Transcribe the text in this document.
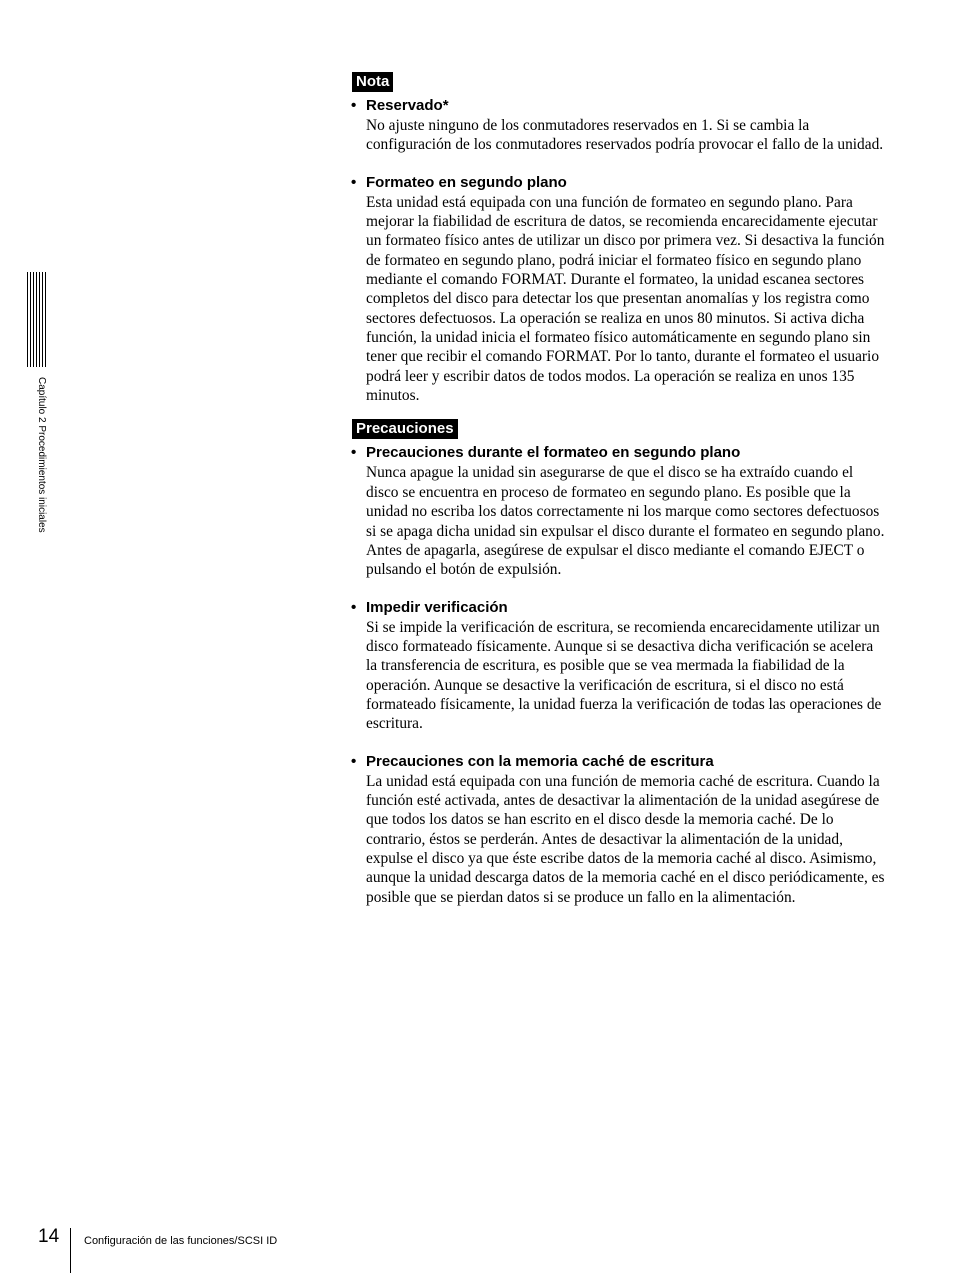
Capítulo 2 Procedimientos iniciales
Nota
• Reservado*

No ajuste ninguno de los conmutadores reservados en 1. Si se cambia la configuración de los conmutadores reservados podría provocar el fallo de la unidad.

• Formateo en segundo plano

Esta unidad está equipada con una función de formateo en segundo plano. Para mejorar la fiabilidad de escritura de datos, se recomienda encarecidamente ejecutar un formateo físico antes de utilizar un disco por primera vez. Si desactiva la función de formateo en segundo plano, podrá iniciar el formateo físico en segundo plano mediante el comando FORMAT. Durante el formateo, la unidad escanea sectores completos del disco para detectar los que presentan anomalías y los registra como sectores defectuosos. La operación se realiza en unos 80 minutos. Si activa dicha función, la unidad inicia el formateo físico automáticamente en segundo plano sin tener que recibir el comando FORMAT. Por lo tanto, durante el formateo el usuario podrá leer y escribir datos de todos modos. La operación se realiza en unos 135 minutos.

Precauciones
• Precauciones durante el formateo en segundo plano

Nunca apague la unidad sin asegurarse de que el disco se ha extraído cuando el disco se encuentra en proceso de formateo en segundo plano. Es posible que la unidad no escriba los datos correctamente ni los marque como sectores defectuosos si se apaga dicha unidad sin expulsar el disco durante el formateo en segundo plano. Antes de apagarla, asegúrese de expulsar el disco mediante el comando EJECT o pulsando el botón de expulsión.

• Impedir verificación

Si se impide la verificación de escritura, se recomienda encarecidamente utilizar un disco formateado físicamente. Aunque si se desactiva dicha verificación se acelera la transferencia de escritura, es posible que se vea mermada la fiabilidad de la operación. Aunque se desactive la verificación de escritura, si el disco no está formateado físicamente, la unidad fuerza la verificación de todas las operaciones de escritura.

• Precauciones con la memoria caché de escritura

La unidad está equipada con una función de memoria caché de escritura. Cuando la función esté activada, antes de desactivar la alimentación de la unidad asegúrese de que todos los datos se han escrito en el disco desde la memoria caché. De lo contrario, éstos se perderán. Antes de desactivar la alimentación de la unidad, expulse el disco ya que éste escribe datos de la memoria caché al disco. Asimismo, aunque la unidad descarga datos de la memoria caché en el disco periódicamente, es posible que se pierdan datos si se produce un fallo en la alimentación.

14 Configuración de las funciones/SCSI ID
